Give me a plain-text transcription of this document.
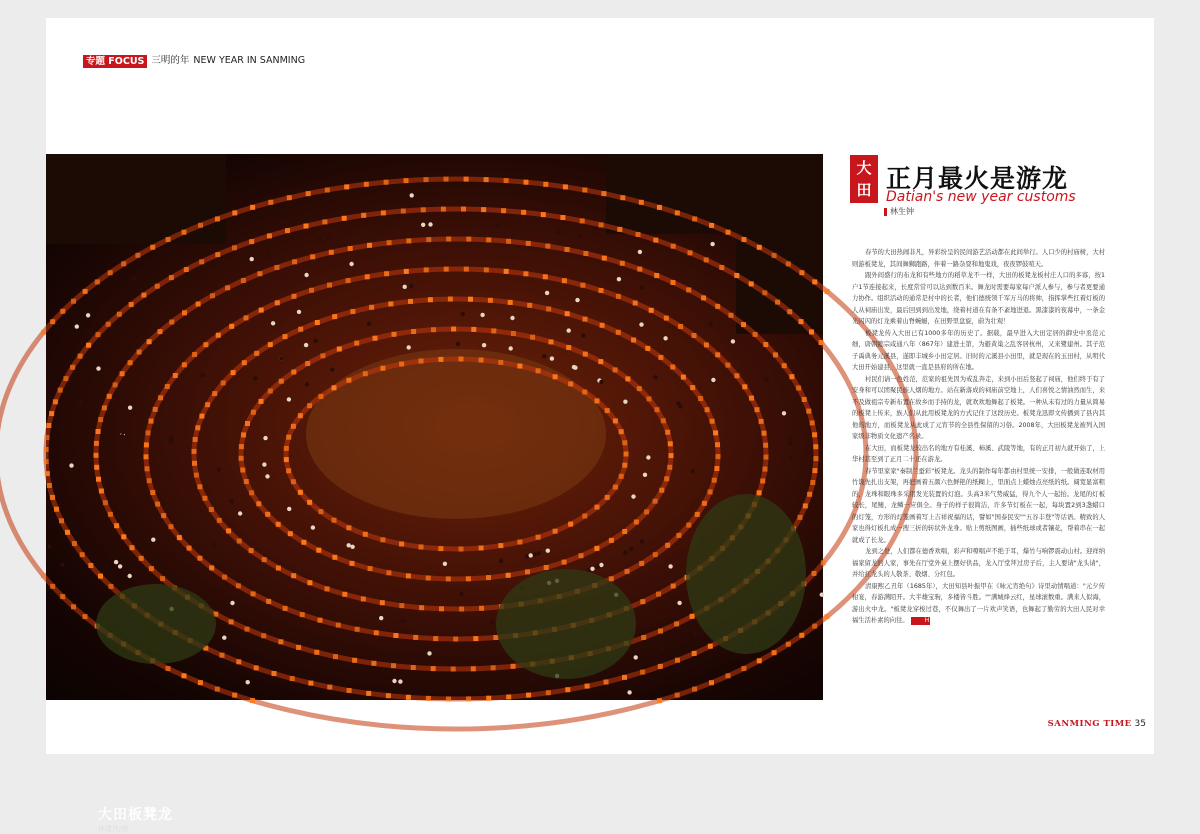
专题 FOCUS 三明的年 NEW YEAR IN SANMING
大田板凳龙
林建伟/摄
大田 正月最火是游龙
Datian's new year customs
林生钟

春节的大田热闹非凡，异彩纷呈的民间游艺活动都在此间举行。人口少的村庙树，大村则游板凳龙，其间舞狮跑路，伴着一路杂耍和地鬼戏，夜夜锣鼓喧天。

跟外间盛行的布龙和有些地方的稻草龙不一样，大田的板凳龙板村庄人口的多寡，按1户1节连接起来，长度常常可以达到数百米。舞龙时需要每家每户派人参与，参与者更要通力协作。组织活动的通常是村中的长者，他们德统领千军万马的将帅，指挥掌些扛着灯板的人从祠庙出发，最后回到到出发地，绕着村道在有条不紊地进退。黑漆漆的夜幕中，一条金光闪闪的灯龙乘着山脊蜿蜒，在田野里盘旋，蔚为壮观！

板凳龙传入大田已有1000多年的历史了。据载，最早进入大田定居的御史中丞范元细，唐朝懿宗咸通八年（867年）建进士第，为避黄巢之乱客居杭州，又来鹭建州。其子范子禹典务元溪县，遂即丰城乡小田定居。旧时的元溪县小田里，就是现在的玉田村，从明代大田开始建县，这里就一直是县府的所在地。

村民们请一色姓范，范家的祖先因为戒乱奔走，来到小田后竖起了祠庙，他们终于有了安身和可以团聚民族人烟的地方。站在新落成的祠庙前空地上，人们喜悦之情油然而生，来不及做祖宗专新布置在故乡而手持的龙，就欢欢地舞起了板凳。一种从未有过的力量从简易的板凳上传来，族人们从此用板凳龙的方式记住了这段历史。板凳龙迅即文传播到了县内其他的地方，而板凳龙从此成了元宵节的全县性保留的习俗。2008年，大田板凳龙被列入国家级非物质文化遗产名录。

在大田，而板凳龙较出名的地方有桂溪、柿溪、武陵等地，有的正月初九就开始了，上华村甚至到了正月二十还在游龙。

春节里家家"秦制兰蚕彩"板凳龙。龙头的制作每年都由村里统一安排，一般做连取材用竹篾先扎出支架，再把画着五颜六色鲜艳的纸糊上，里面点上蜡烛点亮纸的纸。阔宽显富粗的，龙珠和眼珠多采用发光装置的灯泡。头高3米气势威猛，得九个人一起抬。龙尾的灯板较长，尾鳍，龙鳞一应俱全。身子的样子很简洁，许多节灯板在一起，每块置2到3盏蜡口的灯笼，方形的灯笼画着写上吉祥祝福的话，譬如"国泰民安""五谷丰登"等话语。精致的人家也得灯板扎成一搜三折的转状外龙身。贴上剪纸图画，插些纸球或者镶花，帮着串在一起就成了长龙。

龙到之处，人们都在德香欢唱，彩声和嘹唱声不绝于耳，爆竹与响锣震动山村。迎祥纳福家留龙的人家，事先在厅堂外桌上摆好供品，龙入厅堂拜过房子后，主人要请"龙头请"，并给扛龙头的人敬茶、敬烟、分红包。

清康熙乙丑年（1685年），大田知县叶振甲在《咏元宵绝句》诗里动情唱道："元夕传柑宴，春游满陌开。大半雄宝驹，多楼皆斗胜。""满城烽云红，星球滚数重。满来人似海，游出火中龙。"板凳龙穿梭过巷，不仅舞出了一片欢声笑语，也舞起了勤劳的大田人民对幸福生活朴素的向往。	H

SANMING TIME 35
